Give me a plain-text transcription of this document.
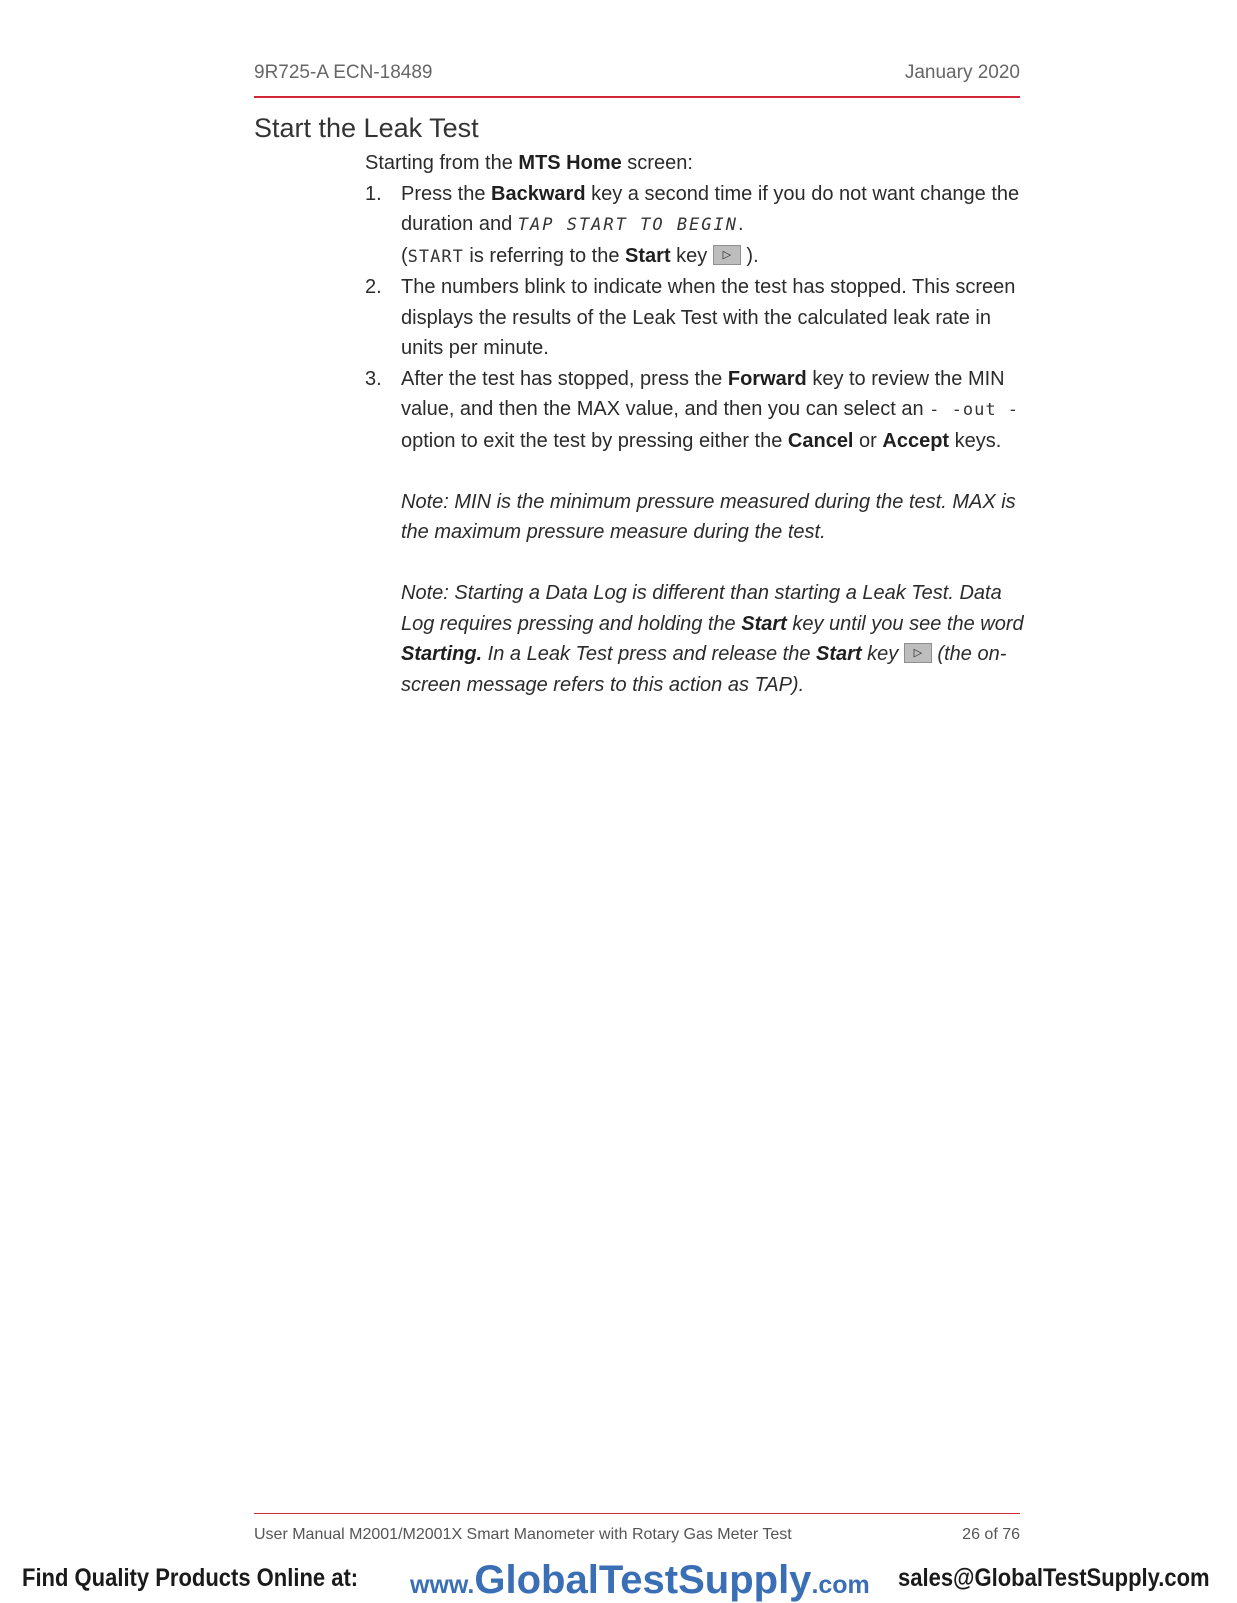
9R725-A ECN-18489	January 2020
Start the Leak Test

Starting from the MTS Home screen:

1. Press the Backward key a second time if you do not want change the duration and TAP START TO BEGIN.
(START is referring to the Start key ▷ ).
2. The numbers blink to indicate when the test has stopped. This screen displays the results of the Leak Test with the calculated leak rate in units per minute.
3. After the test has stopped, press the Forward key to review the MIN value, and then the MAX value, and then you can select an - -out - option to exit the test by pressing either the Cancel or Accept keys.

Note: MIN is the minimum pressure measured during the test. MAX is the maximum pressure measure during the test.

Note: Starting a Data Log is different than starting a Leak Test. Data Log requires pressing and holding the Start key until you see the word Starting. In a Leak Test press and release the Start key ▷ (the on-screen message refers to this action as TAP).

User Manual M2001/M2001X Smart Manometer with Rotary Gas Meter Test	26 of 76
Find Quality Products Online at: www.GlobalTestSupply.com sales@GlobalTestSupply.com
